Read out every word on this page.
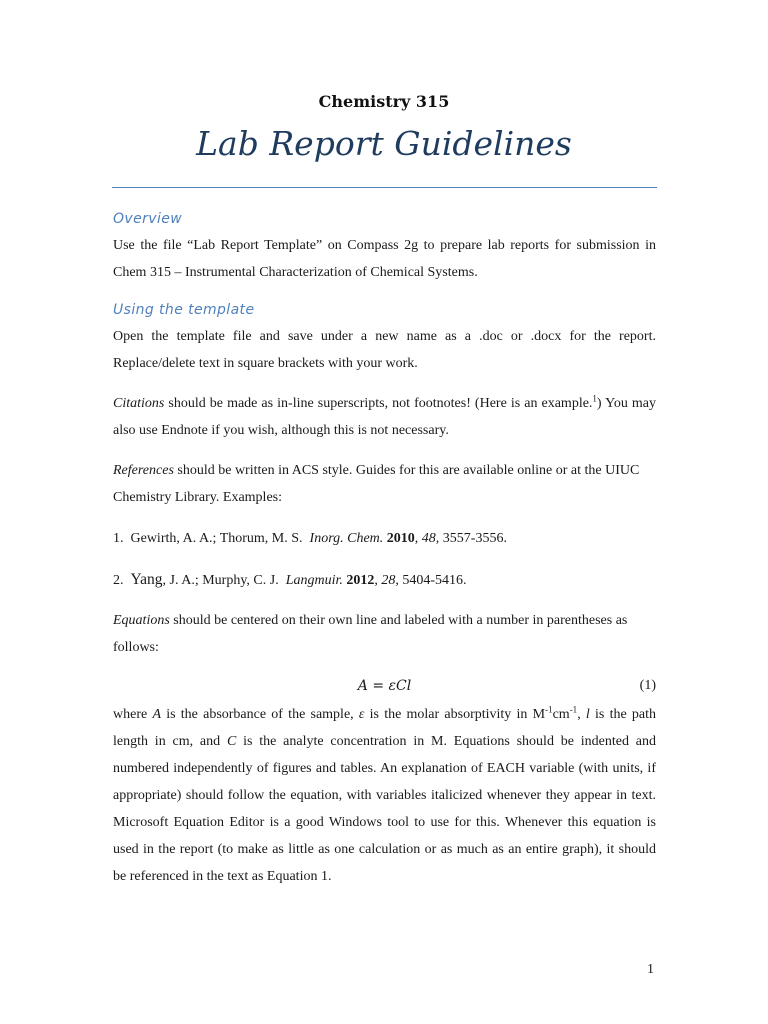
Chemistry 315
Lab Report Guidelines
Overview

Use the file “Lab Report Template” on Compass 2g to prepare lab reports for submission in Chem 315 – Instrumental Characterization of Chemical Systems.

Using the template

Open the template file and save under a new name as a .doc or .docx for the report. Replace/delete text in square brackets with your work.

Citations should be made as in-line superscripts, not footnotes! (Here is an example.$^1$) You may also use Endnote if you wish, although this is not necessary.

References should be written in ACS style. Guides for this are available online or at the UIUC Chemistry Library. Examples:

1. Gewirth, A. A.; Thorum, M. S. Inorg. Chem. 2010, 48, 3557-3556.
2. Yang, J. A.; Murphy, C. J. Langmuir. 2012, 28, 5404-5416.

Equations should be centered on their own line and labeled with a number in parentheses as follows:

A = εCl	(1)

where A is the absorbance of the sample, ε is the molar absorptivity in $M^{-1}cm^{-1}$, l is the path length in cm, and C is the analyte concentration in M. Equations should be indented and numbered independently of figures and tables. An explanation of EACH variable (with units, if appropriate) should follow the equation, with variables italicized whenever they appear in text. Microsoft Equation Editor is a good Windows tool to use for this. Whenever this equation is used in the report (to make as little as one calculation or as much as an entire graph), it should be referenced in the text as Equation 1.

1
